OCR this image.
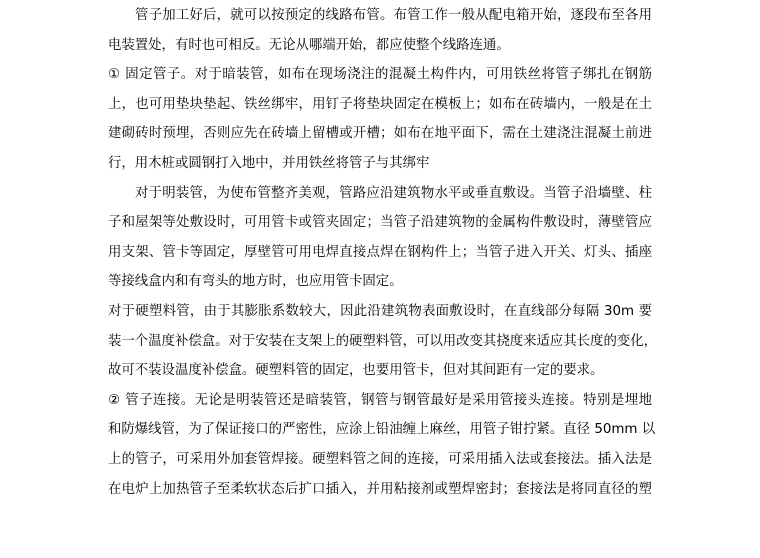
管子加工好后，就可以按预定的线路布管。布管工作一般从配电箱开始，逐段布至各用
电装置处，有时也可相反。无论从哪端开始，都应使整个线路连通。
① 固定管子。对于暗装管，如布在现场浇注的混凝土构件内，可用铁丝将管子绑扎在钢筋
上，也可用垫块垫起、铁丝绑牢，用钉子将垫块固定在模板上；如布在砖墙内，一般是在土
建砌砖时预埋，否则应先在砖墙上留槽或开槽；如布在地平面下，需在土建浇注混凝土前进
行，用木桩或圆钢打入地中，并用铁丝将管子与其绑牢
对于明装管，为使布管整齐美观，管路应沿建筑物水平或垂直敷设。当管子沿墙壁、柱
子和屋架等处敷设时，可用管卡或管夹固定；当管子沿建筑物的金属构件敷设时，薄壁管应
用支架、管卡等固定，厚壁管可用电焊直接点焊在钢构件上；当管子进入开关、灯头、插座
等接线盒内和有弯头的地方时，也应用管卡固定。
对于硬塑料管，由于其膨胀系数较大，因此沿建筑物表面敷设时，在直线部分每隔 30m 要
装一个温度补偿盒。对于安装在支架上的硬塑料管，可以用改变其挠度来适应其长度的变化，
故可不装设温度补偿盒。硬塑料管的固定，也要用管卡，但对其间距有一定的要求。
② 管子连接。无论是明装管还是暗装管，钢管与钢管最好是采用管接头连接。特别是埋地
和防爆线管，为了保证接口的严密性，应涂上铅油缠上麻丝，用管子钳拧紧。直径 50mm 以
上的管子，可采用外加套管焊接。硬塑料管之间的连接，可采用插入法或套接法。插入法是
在电炉上加热管子至柔软状态后扩口插入，并用粘接剂或塑焊密封；套接法是将同直径的塑
